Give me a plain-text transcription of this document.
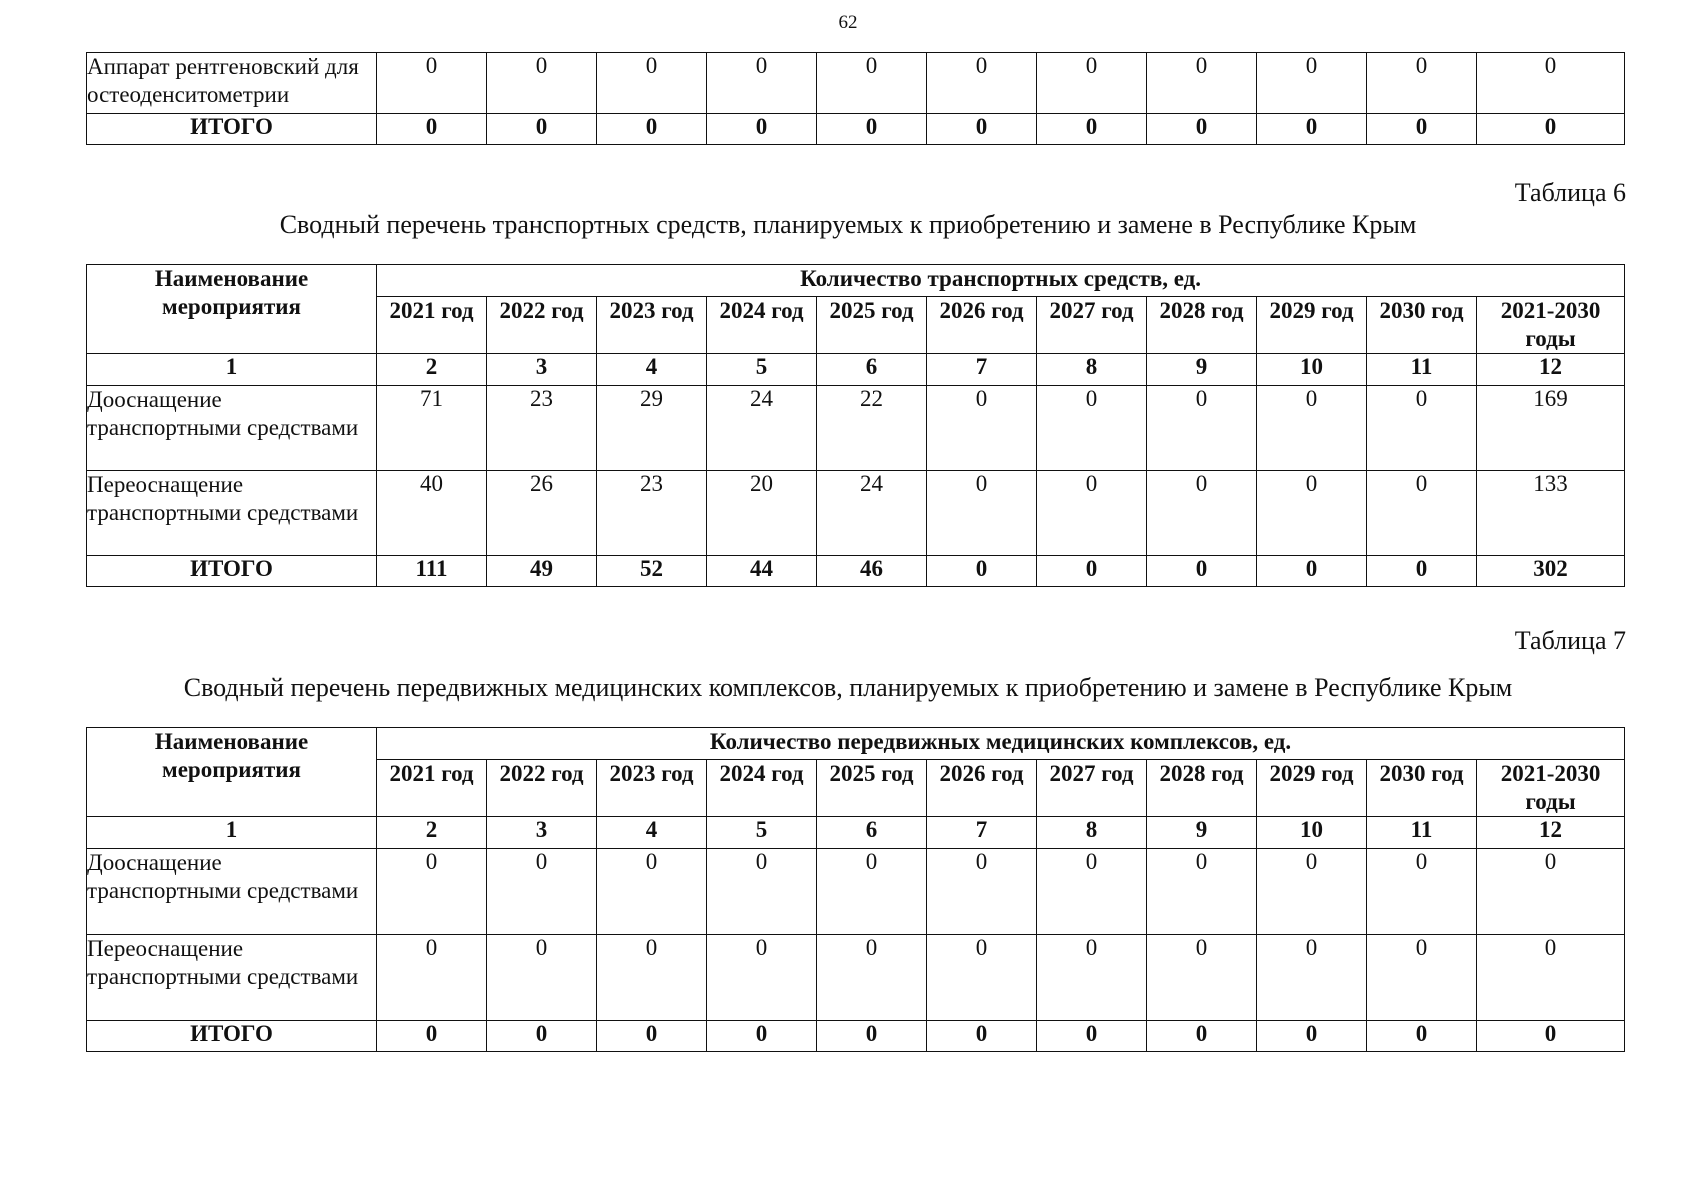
62
Аппарат рентгеновский для остеоденситометрии	0	0	0	0	0	0	0	0	0	0	0
ИТОГО	0	0	0	0	0	0	0	0	0	0	0
Таблица 6
Сводный перечень транспортных средств, планируемых к приобретению и замене в Республике Крым
Наименование мероприятия	Количество транспортных средств, ед.										
	2021 год	2022 год	2023 год	2024 год	2025 год	2026 год	2027 год	2028 год	2029 год	2030 год	2021-2030 годы
1	2	3	4	5	6	7	8	9	10	11	12
Дооснащение транспортными средствами	71	23	29	24	22	0	0	0	0	0	169
Переоснащение транспортными средствами	40	26	23	20	24	0	0	0	0	0	133
ИТОГО	111	49	52	44	46	0	0	0	0	0	302
Таблица 7
Сводный перечень передвижных медицинских комплексов, планируемых к приобретению и замене в Республике Крым
Наименование мероприятия	Количество передвижных медицинских комплексов, ед.										
	2021 год	2022 год	2023 год	2024 год	2025 год	2026 год	2027 год	2028 год	2029 год	2030 год	2021-2030 годы
1	2	3	4	5	6	7	8	9	10	11	12
Дооснащение транспортными средствами	0	0	0	0	0	0	0	0	0	0	0
Переоснащение транспортными средствами	0	0	0	0	0	0	0	0	0	0	0
ИТОГО	0	0	0	0	0	0	0	0	0	0	0
